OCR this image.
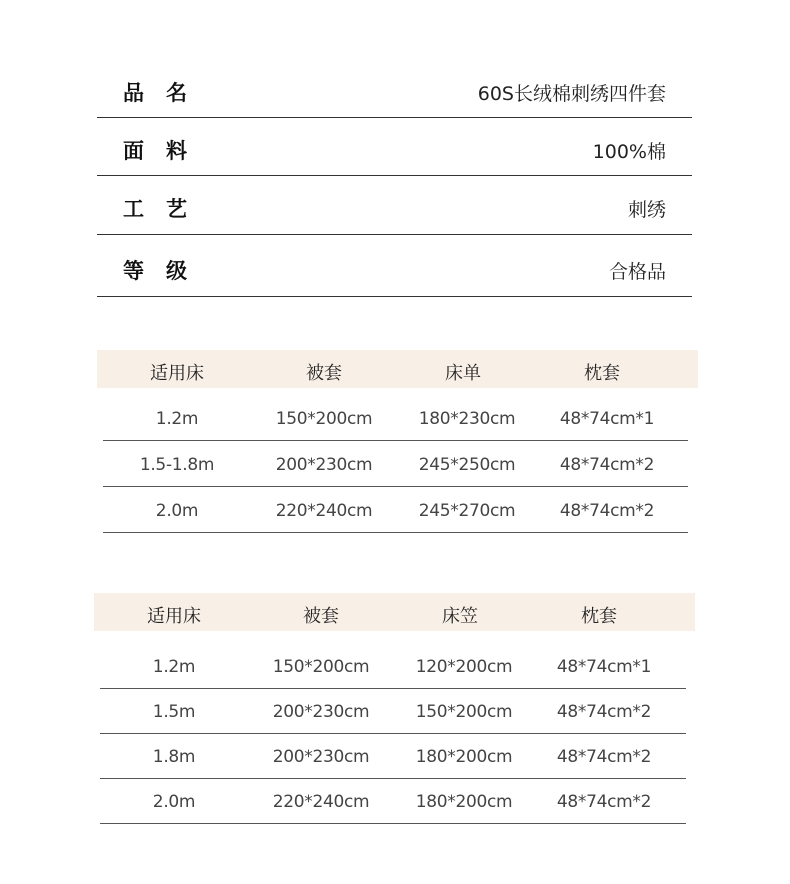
品名	60S长绒棉刺绣四件套
面料	100%棉
工艺	刺绣
等级	合格品
适用床	被套	床单	枕套
1.2m	150*200cm	180*230cm	48*74cm*1
1.5-1.8m	200*230cm	245*250cm	48*74cm*2
2.0m	220*240cm	245*270cm	48*74cm*2
适用床	被套	床笠	枕套
1.2m	150*200cm	120*200cm	48*74cm*1
1.5m	200*230cm	150*200cm	48*74cm*2
1.8m	200*230cm	180*200cm	48*74cm*2
2.0m	220*240cm	180*200cm	48*74cm*2
